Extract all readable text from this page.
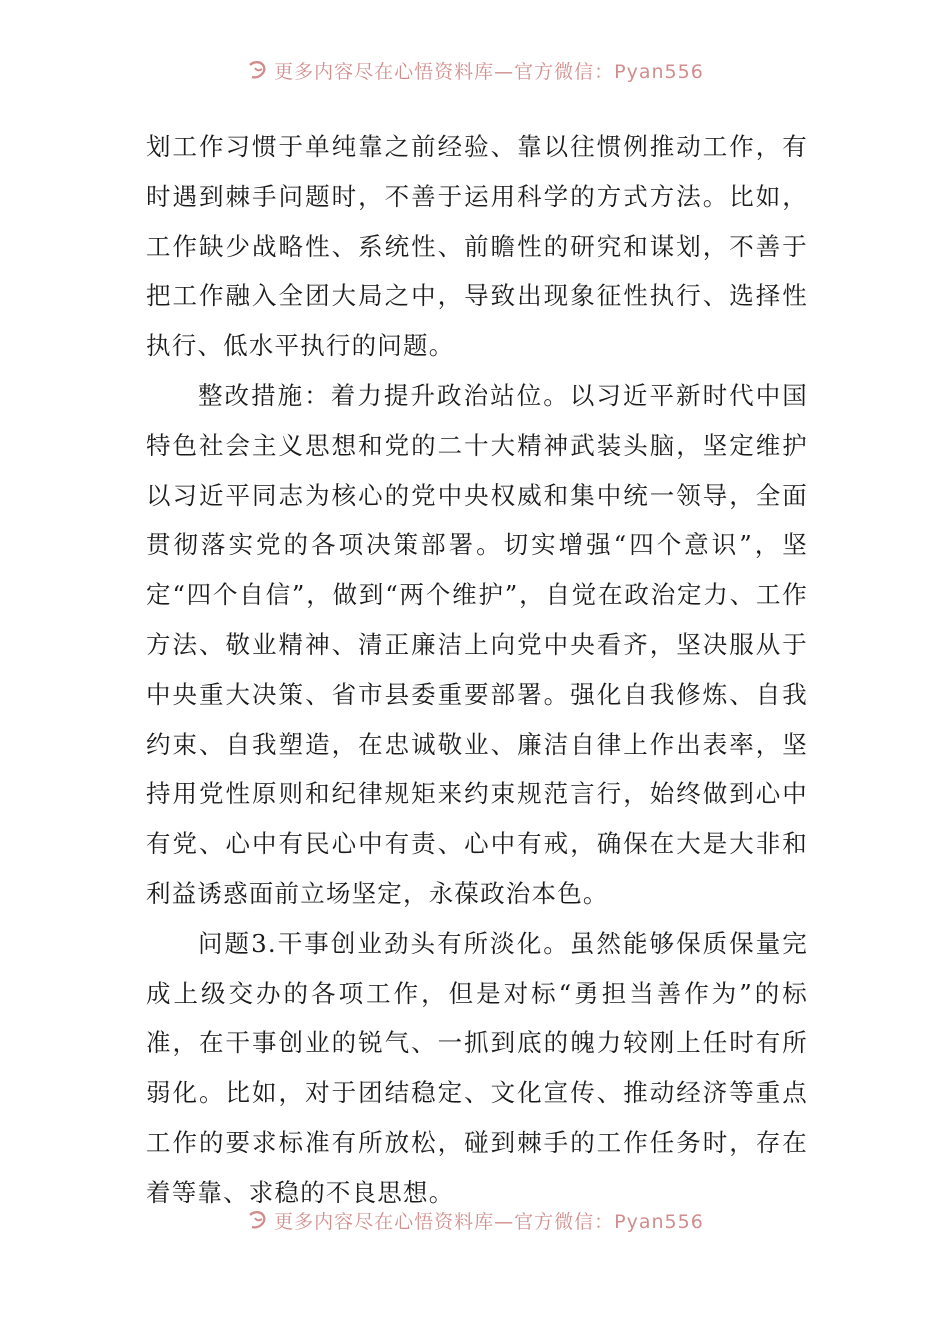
更多内容尽在心悟资料库—官方微信：Pyan556

划工作习惯于单纯靠之前经验、靠以往惯例推动工作，有时遇到棘手问题时，不善于运用科学的方式方法。比如，工作缺少战略性、系统性、前瞻性的研究和谋划，不善于把工作融入全团大局之中，导致出现象征性执行、选择性执行、低水平执行的问题。

整改措施：着力提升政治站位。以习近平新时代中国特色社会主义思想和党的二十大精神武装头脑，坚定维护以习近平同志为核心的党中央权威和集中统一领导，全面贯彻落实党的各项决策部署。切实增强“四个意识”，坚定“四个自信”，做到“两个维护”，自觉在政治定力、工作方法、敬业精神、清正廉洁上向党中央看齐，坚决服从于中央重大决策、省市县委重要部署。强化自我修炼、自我约束、自我塑造，在忠诚敬业、廉洁自律上作出表率，坚持用党性原则和纪律规矩来约束规范言行，始终做到心中有党、心中有民心中有责、心中有戒，确保在大是大非和利益诱惑面前立场坚定，永葆政治本色。

问题3.干事创业劲头有所淡化。虽然能够保质保量完成上级交办的各项工作，但是对标“勇担当善作为”的标准，在干事创业的锐气、一抓到底的魄力较刚上任时有所弱化。比如，对于团结稳定、文化宣传、推动经济等重点工作的要求标准有所放松，碰到棘手的工作任务时，存在着等靠、求稳的不良思想。

更多内容尽在心悟资料库—官方微信：Pyan556
